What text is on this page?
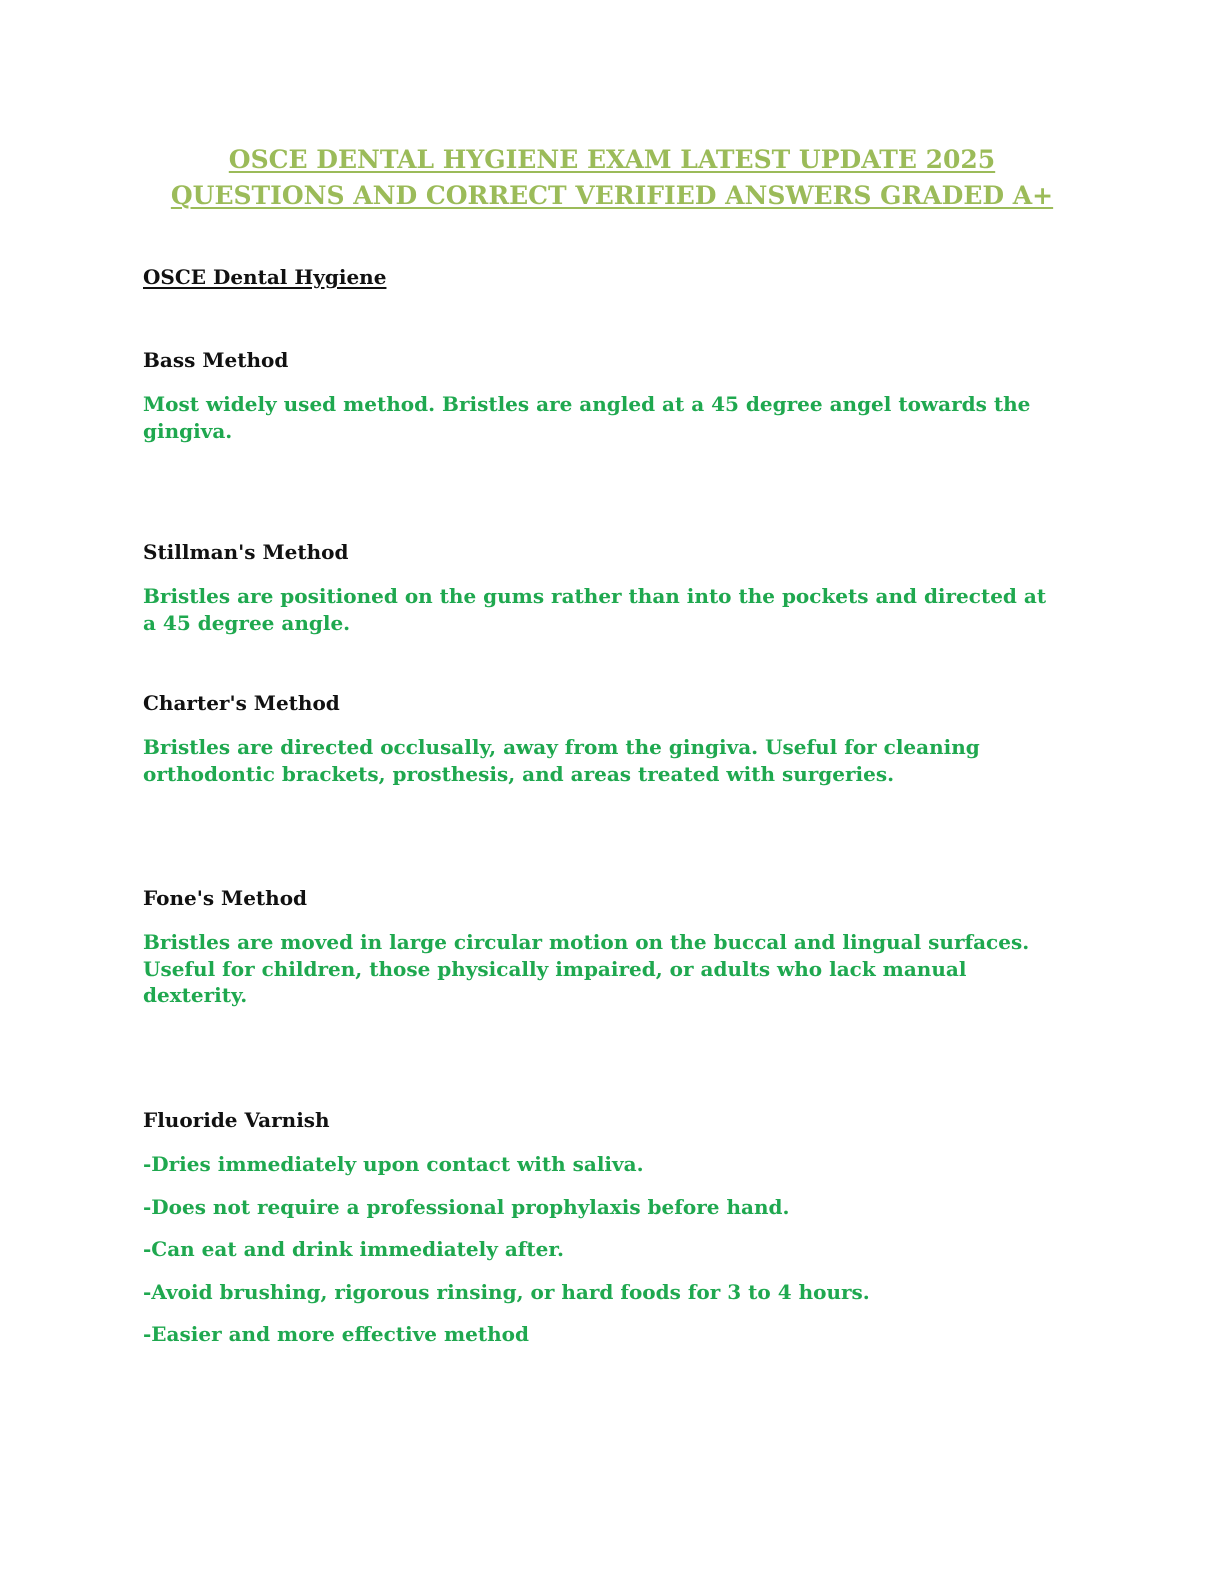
OSCE DENTAL HYGIENE EXAM LATEST UPDATE 2025
QUESTIONS AND CORRECT VERIFIED ANSWERS GRADED A+
OSCE Dental Hygiene

Bass Method

Most widely used method. Bristles are angled at a 45 degree angel towards the gingiva.

Stillman's Method

Bristles are positioned on the gums rather than into the pockets and directed at a 45 degree angle.

Charter's Method

Bristles are directed occlusally, away from the gingiva. Useful for cleaning orthodontic brackets, prosthesis, and areas treated with surgeries.

Fone's Method

Bristles are moved in large circular motion on the buccal and lingual surfaces. Useful for children, those physically impaired, or adults who lack manual dexterity.

Fluoride Varnish

-Dries immediately upon contact with saliva.

-Does not require a professional prophylaxis before hand.

-Can eat and drink immediately after.

-Avoid brushing, rigorous rinsing, or hard foods for 3 to 4 hours.

-Easier and more effective method
